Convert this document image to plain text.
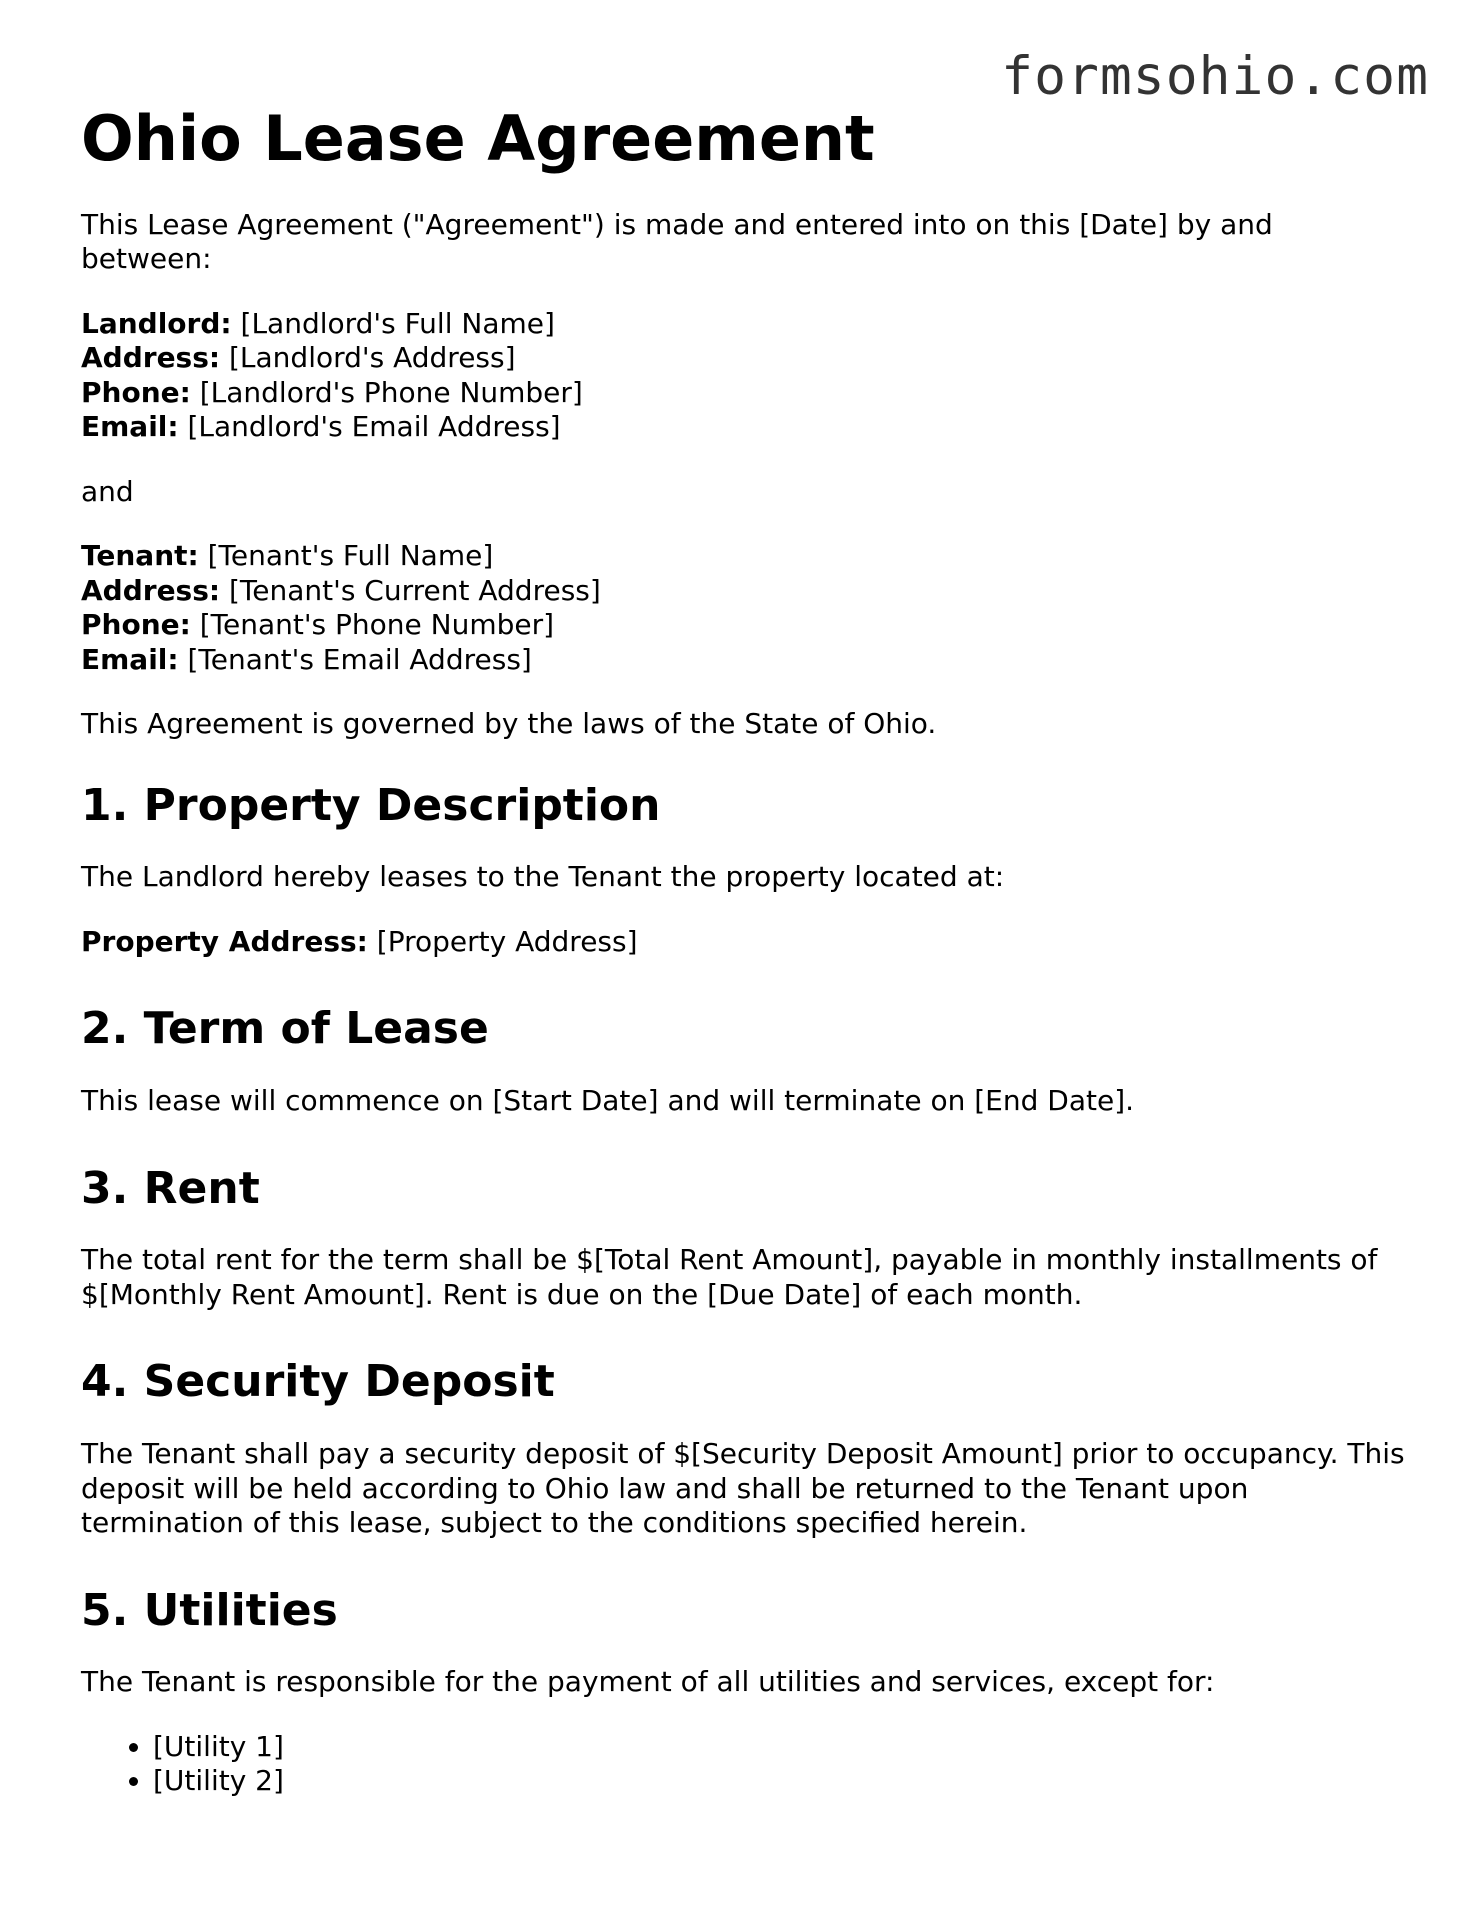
formsohio.com
Ohio Lease Agreement

This Lease Agreement ("Agreement") is made and entered into on this [Date] by and between:

Landlord: [Landlord's Full Name]
Address: [Landlord's Address]
Phone: [Landlord's Phone Number]
Email: [Landlord's Email Address]

and

Tenant: [Tenant's Full Name]
Address: [Tenant's Current Address]
Phone: [Tenant's Phone Number]
Email: [Tenant's Email Address]

This Agreement is governed by the laws of the State of Ohio.

1. Property Description

The Landlord hereby leases to the Tenant the property located at:

Property Address: [Property Address]

2. Term of Lease

This lease will commence on [Start Date] and will terminate on [End Date].

3. Rent

The total rent for the term shall be $[Total Rent Amount], payable in monthly installments of $[Monthly Rent Amount]. Rent is due on the [Due Date] of each month.

4. Security Deposit

The Tenant shall pay a security deposit of $[Security Deposit Amount] prior to occupancy. This deposit will be held according to Ohio law and shall be returned to the Tenant upon termination of this lease, subject to the conditions specified herein.

5. Utilities

The Tenant is responsible for the payment of all utilities and services, except for:

• [Utility 1]
• [Utility 2]
